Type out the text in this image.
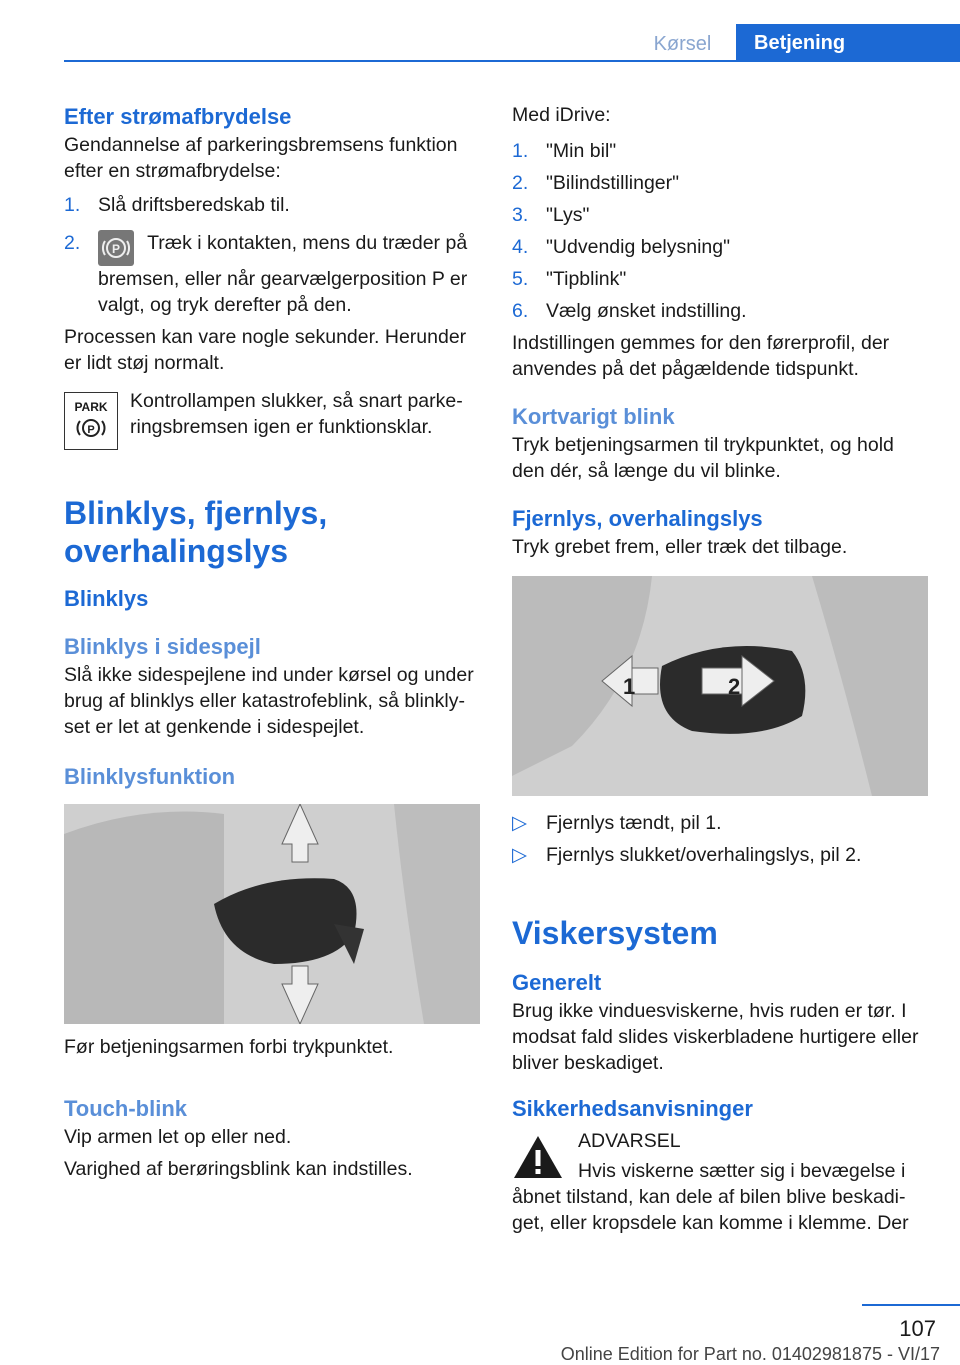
Kørsel	Betjening
Efter strømafbrydelse

Gendannelse af parkeringsbremsens funktion efter en strømafbrydelse:

1. Slå driftsberedskab til.
2.	P Træk i kontakten, mens du træder på bremsen, eller når gearvælgerposition P er valgt, og tryk derefter på den.

Processen kan vare nogle sekunder. Herunder er lidt støj normalt.

PARK
P

Kontrollampen slukker, så snart parkeringsbremsen igen er funktionsklar.

Blinklys, fjernlys, overhalingslys
Blinklys
Blinklys i sidespejl

Slå ikke sidespejlene ind under kørsel og under brug af blinklys eller katastrofeblink, så blinklyset er let at genkende i sidespejlet.

Blinklysfunktion

Før betjeningsarmen forbi trykpunktet.

Touch-blink

Vip armen let op eller ned.

Varighed af berøringsblink kan indstilles.

Med iDrive:

1. "Min bil"
2. "Bilindstillinger"
3. "Lys"
4. "Udvendig belysning"
5. "Tipblink"
6. Vælg ønsket indstilling.

Indstillingen gemmes for den førerprofil, der anvendes på det pågældende tidspunkt.

Kortvarigt blink

Tryk betjeningsarmen til trykpunktet, og hold den dér, så længe du vil blinke.

Fjernlys, overhalingslys

Tryk grebet frem, eller træk det tilbage.

1	2
▷ Fjernlys tændt, pil 1.
▷ Fjernlys slukket/overhalingslys, pil 2.
Viskersystem
Generelt

Brug ikke vinduesviskerne, hvis ruden er tør. I modsat fald slides viskerbladene hurtigere eller bliver beskadiget.

Sikkerhedsanvisninger

ADVARSEL

Hvis viskerne sætter sig i bevægelse i

åbnet tilstand, kan dele af bilen blive beskadiget, eller kropsdele kan komme i klemme. Der

107
Online Edition for Part no. 01402981875 - VI/17
